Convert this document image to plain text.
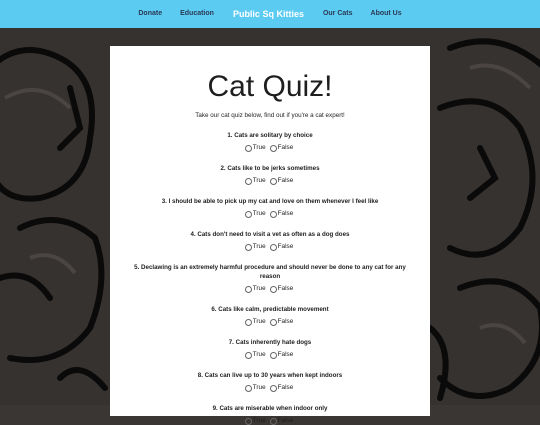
Donate	Education	Public Sq Kitties	Our Cats	About Us
Cat Quiz!
Take our cat quiz below, find out if you're a cat expert!
1. Cats are solitary by choice
True False
2. Cats like to be jerks sometimes
True False
3. I should be able to pick up my cat and love on them whenever I feel like
True False
4. Cats don't need to visit a vet as often as a dog does
True False
5. Declawing is an extremely harmful procedure and should never be done to any cat for any reason
True False
6. Cats like calm, predictable movement
True False
7. Cats inherently hate dogs
True False
8. Cats can live up to 30 years when kept indoors
True False
9. Cats are miserable when indoor only
True False
